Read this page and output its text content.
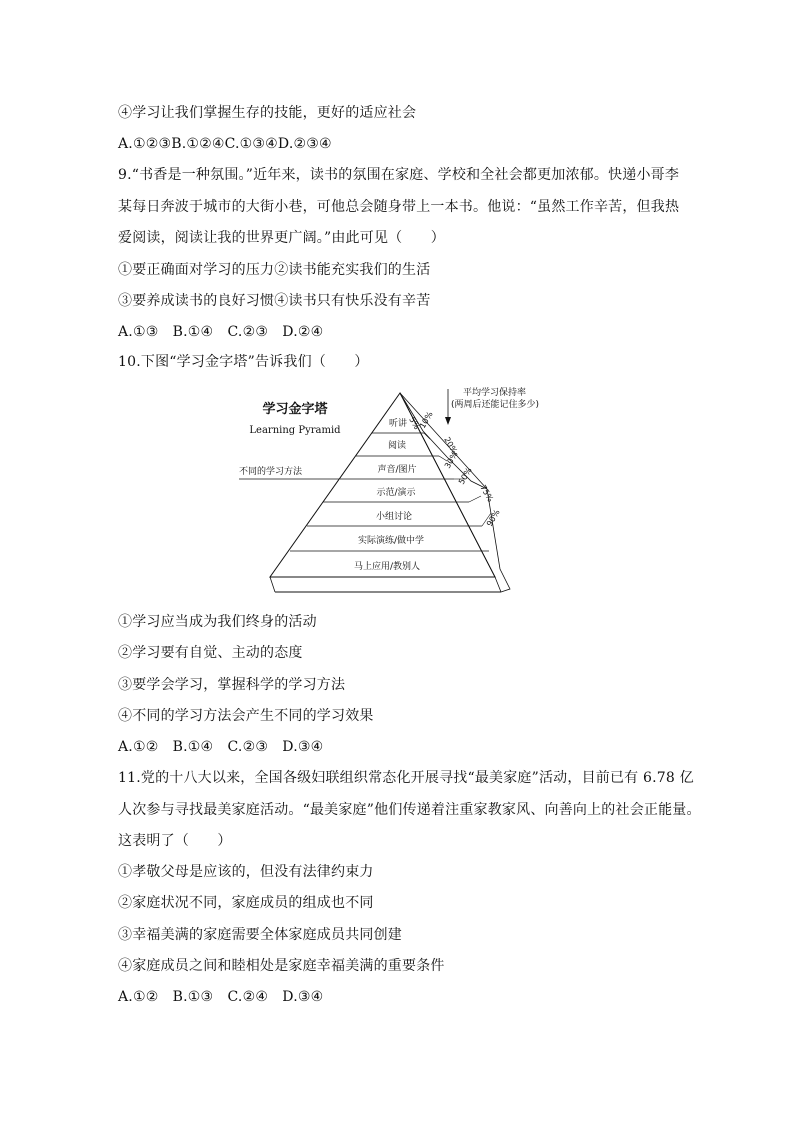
④学习让我们掌握生存的技能，更好的适应社会
A.①②③B.①②④C.①③④D.②③④
9.“书香是一种氛围。”近年来，读书的氛围在家庭、学校和全社会都更加浓郁。快递小哥李
某每日奔波于城市的大街小巷，可他总会随身带上一本书。他说：“虽然工作辛苦，但我热
爱阅读，阅读让我的世界更广阔。”由此可见（　　）
①要正确面对学习的压力②读书能充实我们的生活
③要养成读书的良好习惯④读书只有快乐没有辛苦
A.①③　B.①④　C.②③　D.②④
10.下图“学习金字塔”告诉我们（　　）
①学习应当成为我们终身的活动
②学习要有自觉、主动的态度
③要学会学习，掌握科学的学习方法
④不同的学习方法会产生不同的学习效果
A.①②　B.①④　C.②③　D.③④
11.党的十八大以来，全国各级妇联组织常态化开展寻找“最美家庭”活动，目前已有 6.78 亿
人次参与寻找最美家庭活动。“最美家庭”他们传递着注重家教家风、向善向上的社会正能量。
这表明了（　　）
①孝敬父母是应该的，但没有法律约束力
②家庭状况不同，家庭成员的组成也不同
③幸福美满的家庭需要全体家庭成员共同创建
④家庭成员之间和睦相处是家庭幸福美满的重要条件
A.①②　B.①③　C.②④　D.③④
学习金字塔
Learning Pyramid
不同的学习方法
平均学习保持率
(两周后还能记住多少)
听讲
阅读
声音/图片
示范/演示
小组讨论
实际演练/做中学
马上应用/教别人
5%
10%
20%
30%
50%
75%
90%
